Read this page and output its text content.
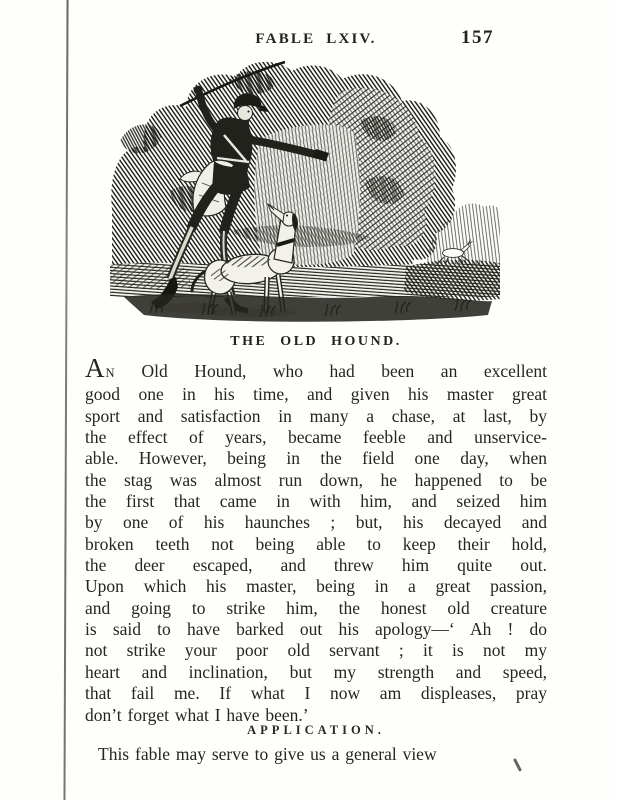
FABLE LXIV.	157
THE OLD HOUND.
AN Old Hound, who had been an excellent
good one in his time, and given his master great
sport and satisfaction in many a chase, at last, by
the effect of years, became feeble and unservice-
able. However, being in the field one day, when
the stag was almost run down, he happened to be
the first that came in with him, and seized him
by one of his haunches ; but, his decayed and
broken teeth not being able to keep their hold,
the deer escaped, and threw him quite out.
Upon which his master, being in a great passion,
and going to strike him, the honest old creature
is said to have barked out his apology—‘ Ah ! do
not strike your poor old servant ; it is not my
heart and inclination, but my strength and speed,
that fail me. If what I now am displeases, pray
don’t forget what I have been.’
APPLICATION.
This fable may serve to give us a general view
